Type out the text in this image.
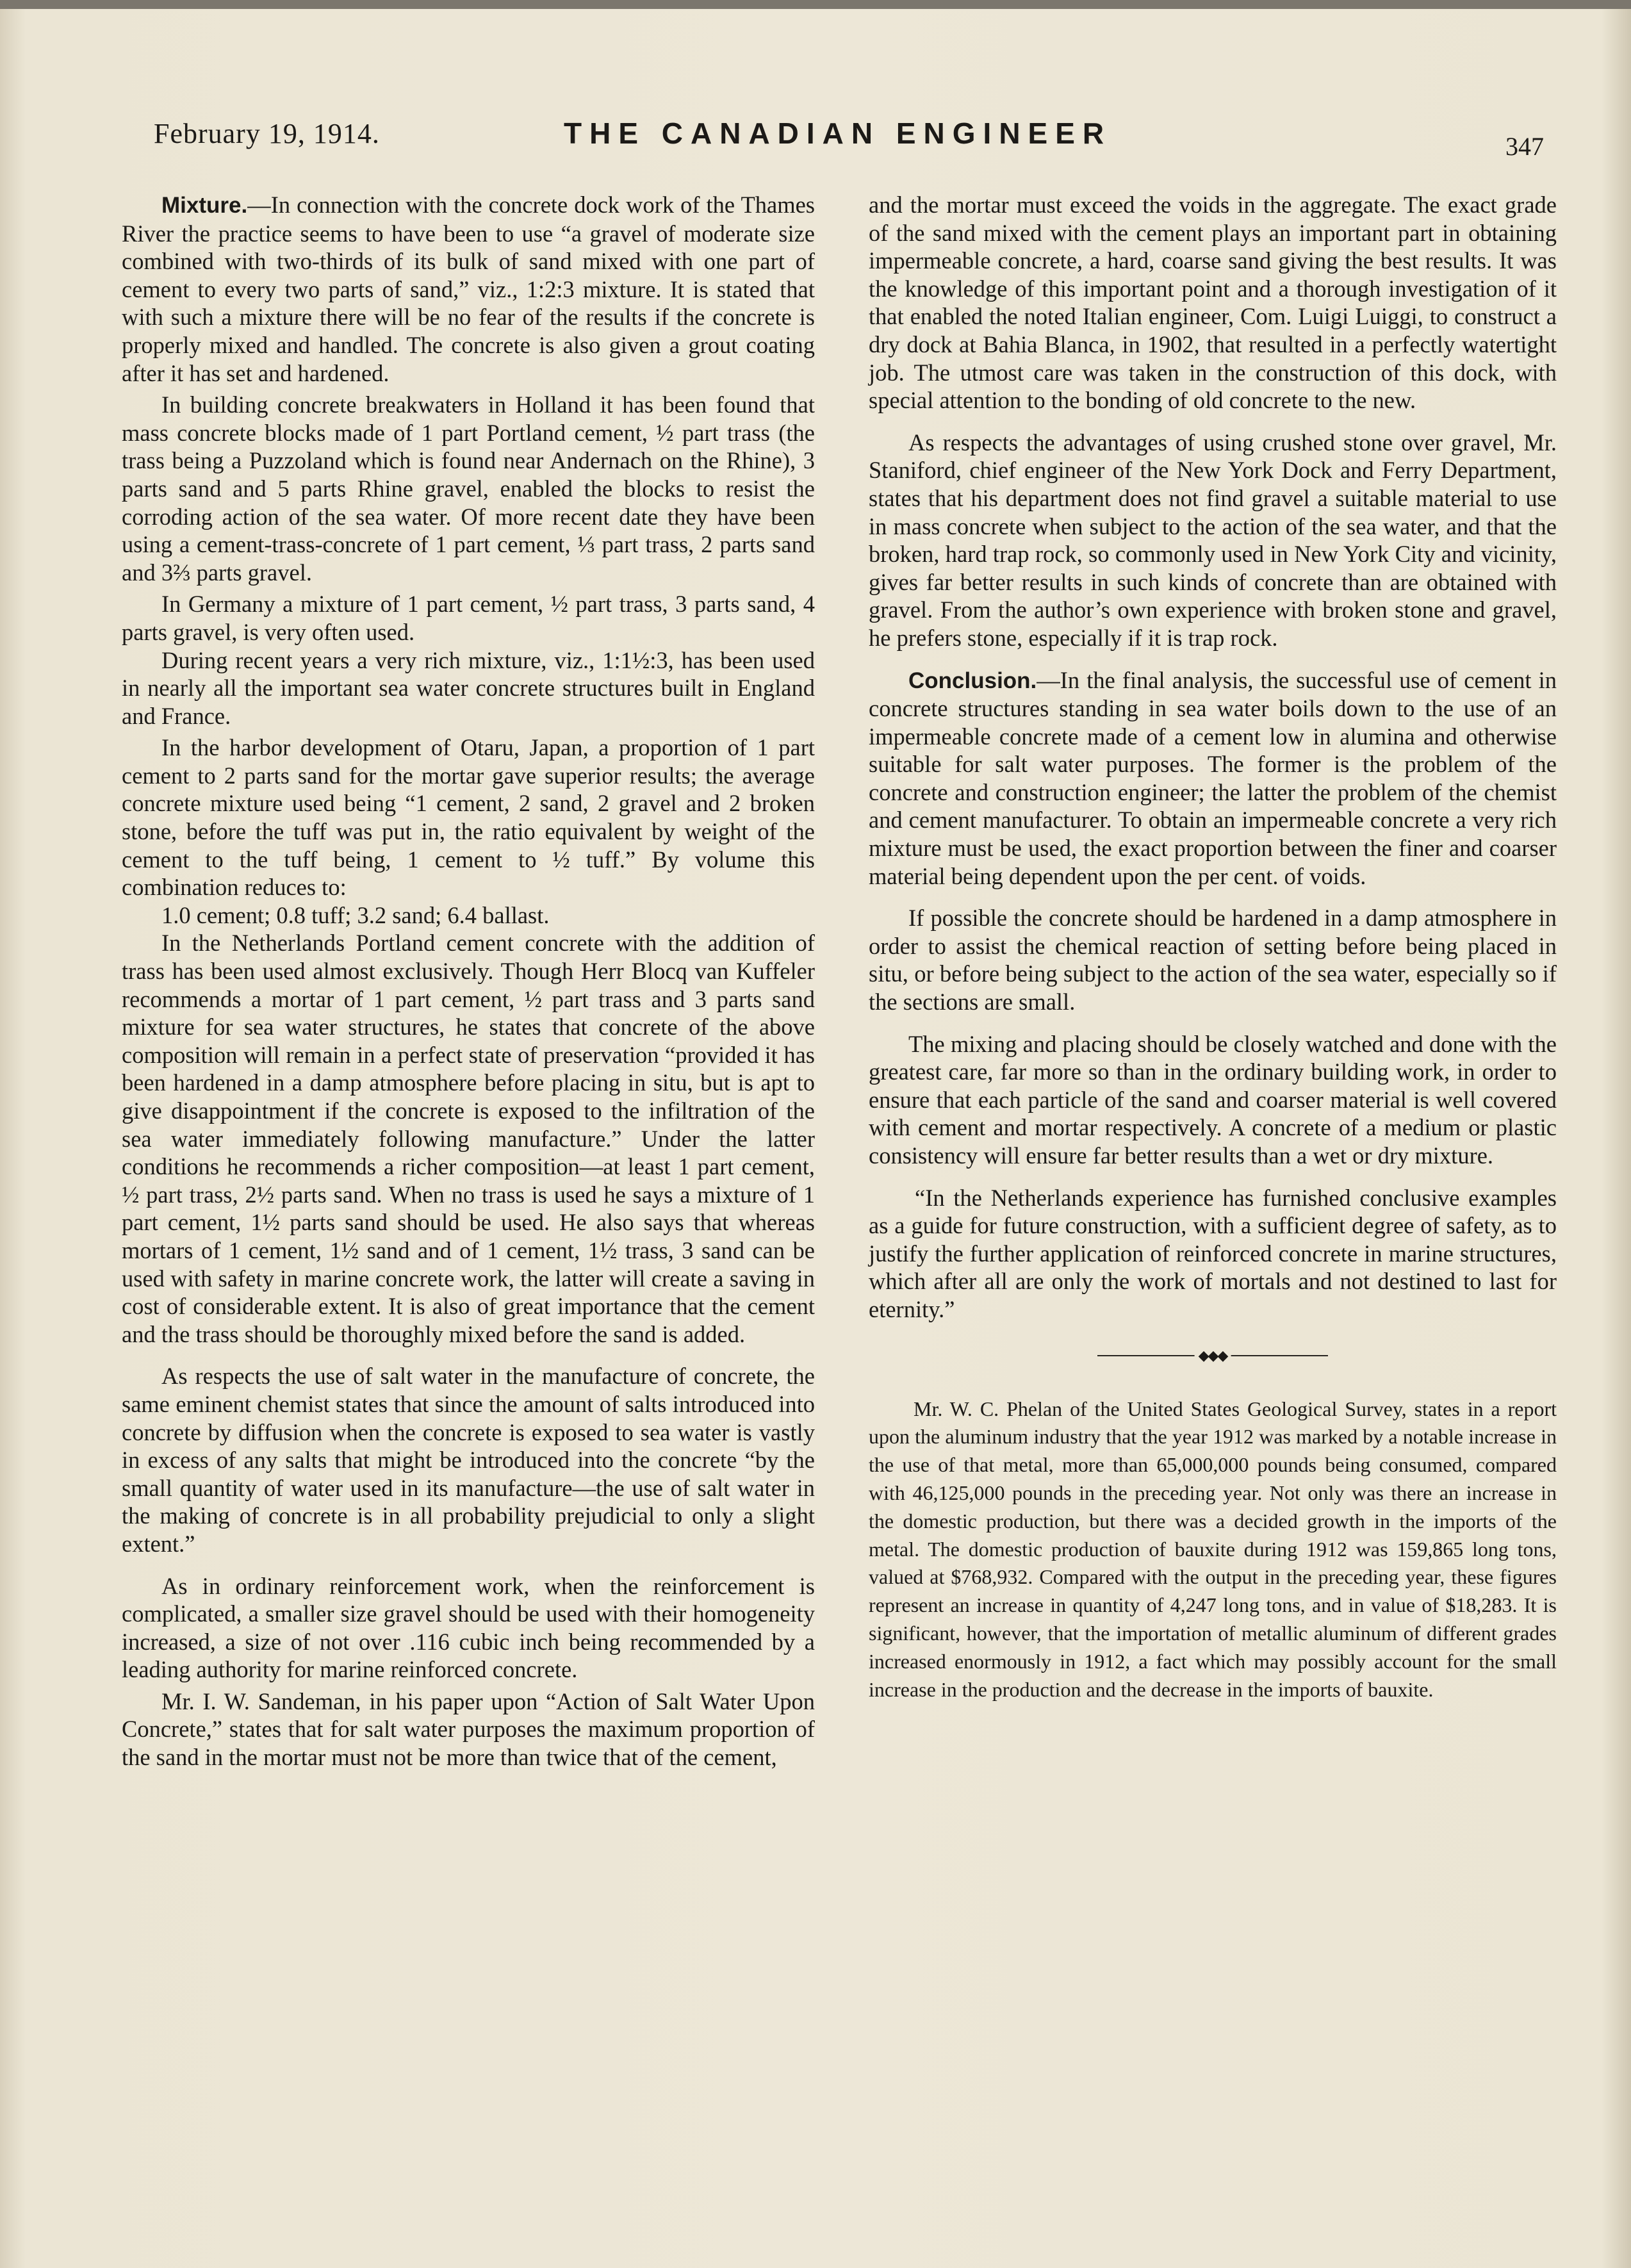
February 19, 1914.	THE CANADIAN ENGINEER	347

Mixture.—In connection with the concrete dock work of the Thames River the practice seems to have been to use “a gravel of moderate size combined with two-thirds of its bulk of sand mixed with one part of cement to every two parts of sand,” viz., 1:2:3 mixture. It is stated that with such a mixture there will be no fear of the results if the concrete is properly mixed and handled. The concrete is also given a grout coating after it has set and hardened.

In building concrete breakwaters in Holland it has been found that mass concrete blocks made of 1 part Portland cement, ½ part trass (the trass being a Puzzoland which is found near Andernach on the Rhine), 3 parts sand and 5 parts Rhine gravel, enabled the blocks to resist the corroding action of the sea water. Of more recent date they have been using a cement-trass-concrete of 1 part cement, ⅓ part trass, 2 parts sand and 3⅔ parts gravel.

In Germany a mixture of 1 part cement, ½ part trass, 3 parts sand, 4 parts gravel, is very often used.

During recent years a very rich mixture, viz., 1:1½:3, has been used in nearly all the important sea water concrete structures built in England and France.

In the harbor development of Otaru, Japan, a proportion of 1 part cement to 2 parts sand for the mortar gave superior results; the average concrete mixture used being “1 cement, 2 sand, 2 gravel and 2 broken stone, before the tuff was put in, the ratio equivalent by weight of the cement to the tuff being, 1 cement to ½ tuff.” By volume this combination reduces to:

1.0 cement; 0.8 tuff; 3.2 sand; 6.4 ballast.

In the Netherlands Portland cement concrete with the addition of trass has been used almost exclusively. Though Herr Blocq van Kuffeler recommends a mortar of 1 part cement, ½ part trass and 3 parts sand mixture for sea water structures, he states that concrete of the above composition will remain in a perfect state of preservation “provided it has been hardened in a damp atmosphere before placing in situ, but is apt to give disappointment if the concrete is exposed to the infiltration of the sea water immediately following manufacture.” Under the latter conditions he recommends a richer composition—at least 1 part cement, ½ part trass, 2½ parts sand. When no trass is used he says a mixture of 1 part cement, 1½ parts sand should be used. He also says that whereas mortars of 1 cement, 1½ sand and of 1 cement, 1½ trass, 3 sand can be used with safety in marine concrete work, the latter will create a saving in cost of considerable extent. It is also of great importance that the cement and the trass should be thoroughly mixed before the sand is added.

As respects the use of salt water in the manufacture of concrete, the same eminent chemist states that since the amount of salts introduced into concrete by diffusion when the concrete is exposed to sea water is vastly in excess of any salts that might be introduced into the concrete “by the small quantity of water used in its manufacture—the use of salt water in the making of concrete is in all probability prejudicial to only a slight extent.”

As in ordinary reinforcement work, when the reinforcement is complicated, a smaller size gravel should be used with their homogeneity increased, a size of not over .116 cubic inch being recommended by a leading authority for marine reinforced concrete.

Mr. I. W. Sandeman, in his paper upon “Action of Salt Water Upon Concrete,” states that for salt water purposes the maximum proportion of the sand in the mortar must not be more than twice that of the cement,

and the mortar must exceed the voids in the aggregate. The exact grade of the sand mixed with the cement plays an important part in obtaining impermeable concrete, a hard, coarse sand giving the best results. It was the knowledge of this important point and a thorough investigation of it that enabled the noted Italian engineer, Com. Luigi Luiggi, to construct a dry dock at Bahia Blanca, in 1902, that resulted in a perfectly watertight job. The utmost care was taken in the construction of this dock, with special attention to the bonding of old concrete to the new.

As respects the advantages of using crushed stone over gravel, Mr. Staniford, chief engineer of the New York Dock and Ferry Department, states that his department does not find gravel a suitable material to use in mass concrete when subject to the action of the sea water, and that the broken, hard trap rock, so commonly used in New York City and vicinity, gives far better results in such kinds of concrete than are obtained with gravel. From the author’s own experience with broken stone and gravel, he prefers stone, especially if it is trap rock.

Conclusion.—In the final analysis, the successful use of cement in concrete structures standing in sea water boils down to the use of an impermeable concrete made of a cement low in alumina and otherwise suitable for salt water purposes. The former is the problem of the concrete and construction engineer; the latter the problem of the chemist and cement manufacturer. To obtain an impermeable concrete a very rich mixture must be used, the exact proportion between the finer and coarser material being dependent upon the per cent. of voids.

If possible the concrete should be hardened in a damp atmosphere in order to assist the chemical reaction of setting before being placed in situ, or before being subject to the action of the sea water, especially so if the sections are small.

The mixing and placing should be closely watched and done with the greatest care, far more so than in the ordinary building work, in order to ensure that each particle of the sand and coarser material is well covered with cement and mortar respectively. A concrete of a medium or plastic consistency will ensure far better results than a wet or dry mixture.

“In the Netherlands experience has furnished conclusive examples as a guide for future construction, with a sufficient degree of safety, as to justify the further application of reinforced concrete in marine structures, which after all are only the work of mortals and not destined to last for eternity.”

◆◆◆

Mr. W. C. Phelan of the United States Geological Survey, states in a report upon the aluminum industry that the year 1912 was marked by a notable increase in the use of that metal, more than 65,000,000 pounds being consumed, compared with 46,125,000 pounds in the preceding year. Not only was there an increase in the domestic production, but there was a decided growth in the imports of the metal. The domestic production of bauxite during 1912 was 159,865 long tons, valued at $768,932. Compared with the output in the preceding year, these figures represent an increase in quantity of 4,247 long tons, and in value of $18,283. It is significant, however, that the importation of metallic aluminum of different grades increased enormously in 1912, a fact which may possibly account for the small increase in the production and the decrease in the imports of bauxite.
